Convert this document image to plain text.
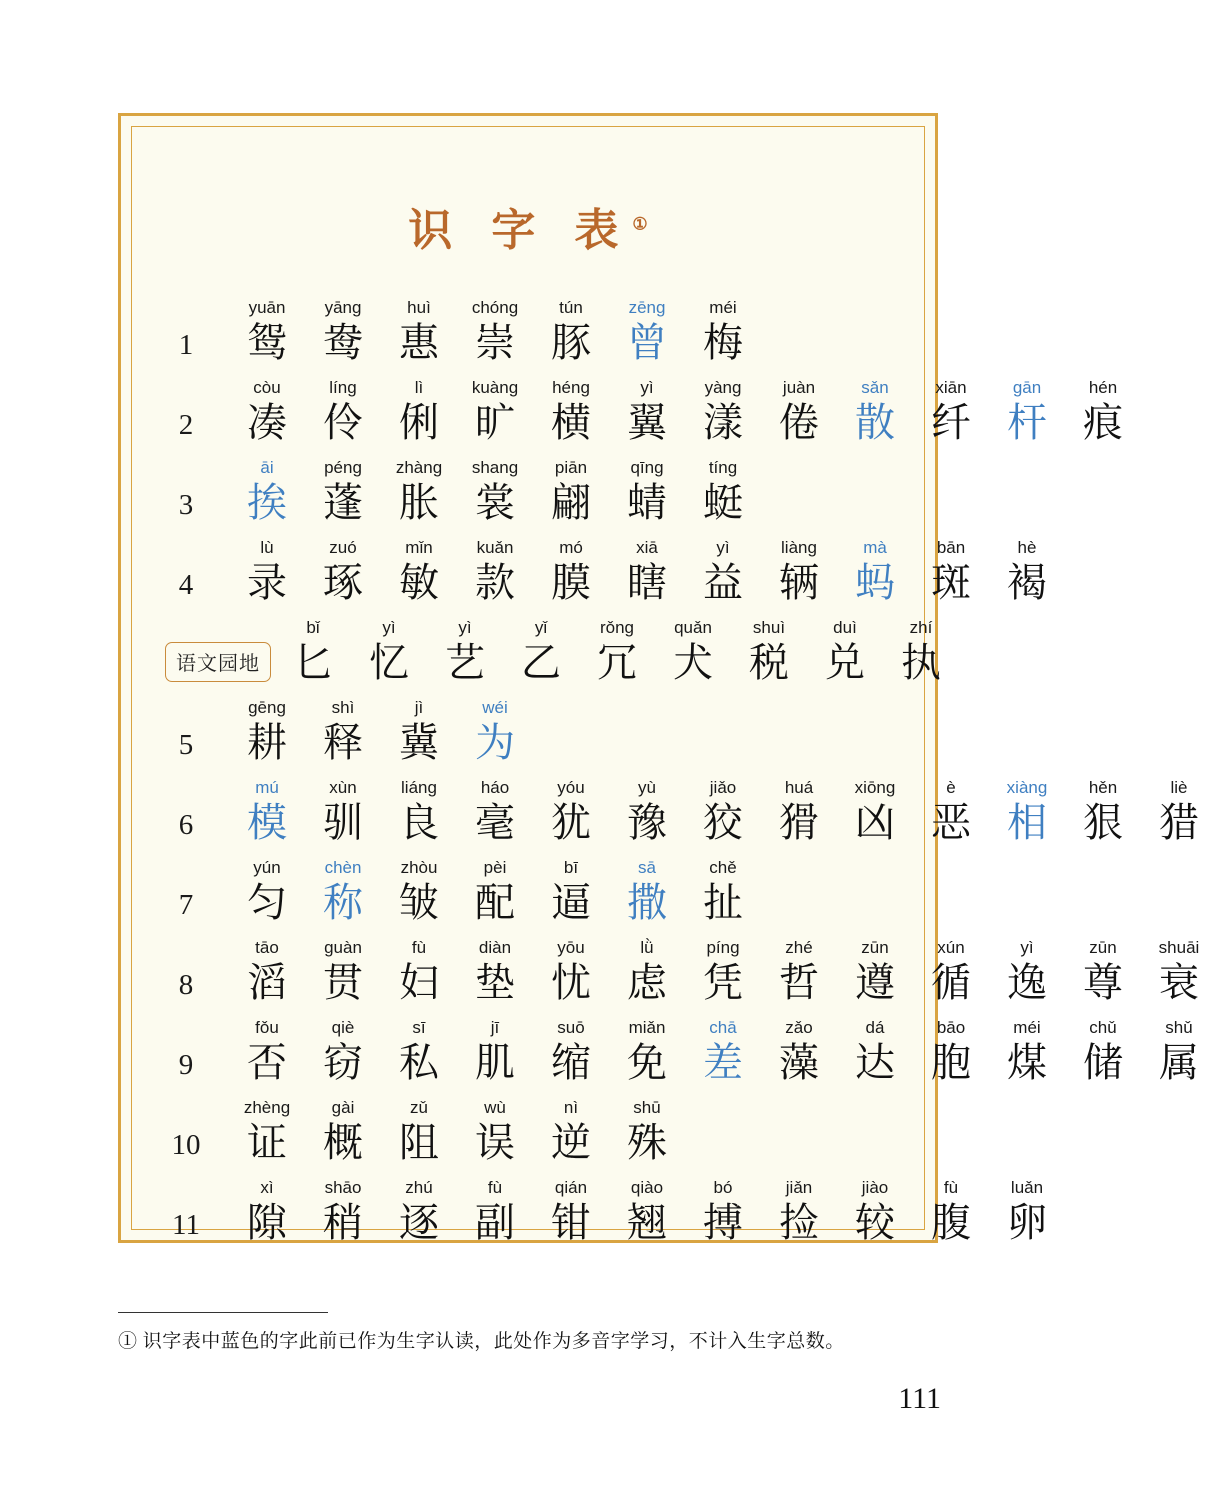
识 字 表①
1
yuān
鸳
yāng
鸯
huì
惠
chóng
崇
tún
豚
zēng
曾
méi
梅
2
còu
凑
líng
伶
lì
俐
kuàng
旷
héng
横
yì
翼
yàng
漾
juàn
倦
sǎn
散
xiān
纤
gān
杆
hén
痕
3
āi
挨
péng
蓬
zhàng
胀
shang
裳
piān
翩
qīng
蜻
tíng
蜓
4
lù
录
zuó
琢
mǐn
敏
kuǎn
款
mó
膜
xiā
瞎
yì
益
liàng
辆
mà
蚂
bān
斑
hè
褐
语文园地
bǐ
匕
yì
忆
yì
艺
yǐ
乙
rǒng
冗
quǎn
犬
shuì
税
duì
兑
zhí
执
5
gēng
耕
shì
释
jì
冀
wéi
为
6
mú
模
xùn
驯
liáng
良
háo
毫
yóu
犹
yù
豫
jiǎo
狡
huá
猾
xiōng
凶
è
恶
xiàng
相
hěn
狠
liè
猎
7
yún
匀
chèn
称
zhòu
皱
pèi
配
bī
逼
sā
撒
chě
扯
8
tāo
滔
guàn
贯
fù
妇
diàn
垫
yōu
忧
lǜ
虑
píng
凭
zhé
哲
zūn
遵
xún
循
yì
逸
zūn
尊
shuāi
衰
9
fǒu
否
qiè
窃
sī
私
jī
肌
suō
缩
miǎn
免
chā
差
zǎo
藻
dá
达
bāo
胞
méi
煤
chǔ
储
shǔ
属
10
zhèng
证
gài
概
zǔ
阻
wù
误
nì
逆
shū
殊
11
xì
隙
shāo
稍
zhú
逐
fù
副
qián
钳
qiào
翘
bó
搏
jiǎn
捡
jiào
较
fù
腹
luǎn
卵
① 识字表中蓝色的字此前已作为生字认读，此处作为多音字学习，不计入生字总数。
111
